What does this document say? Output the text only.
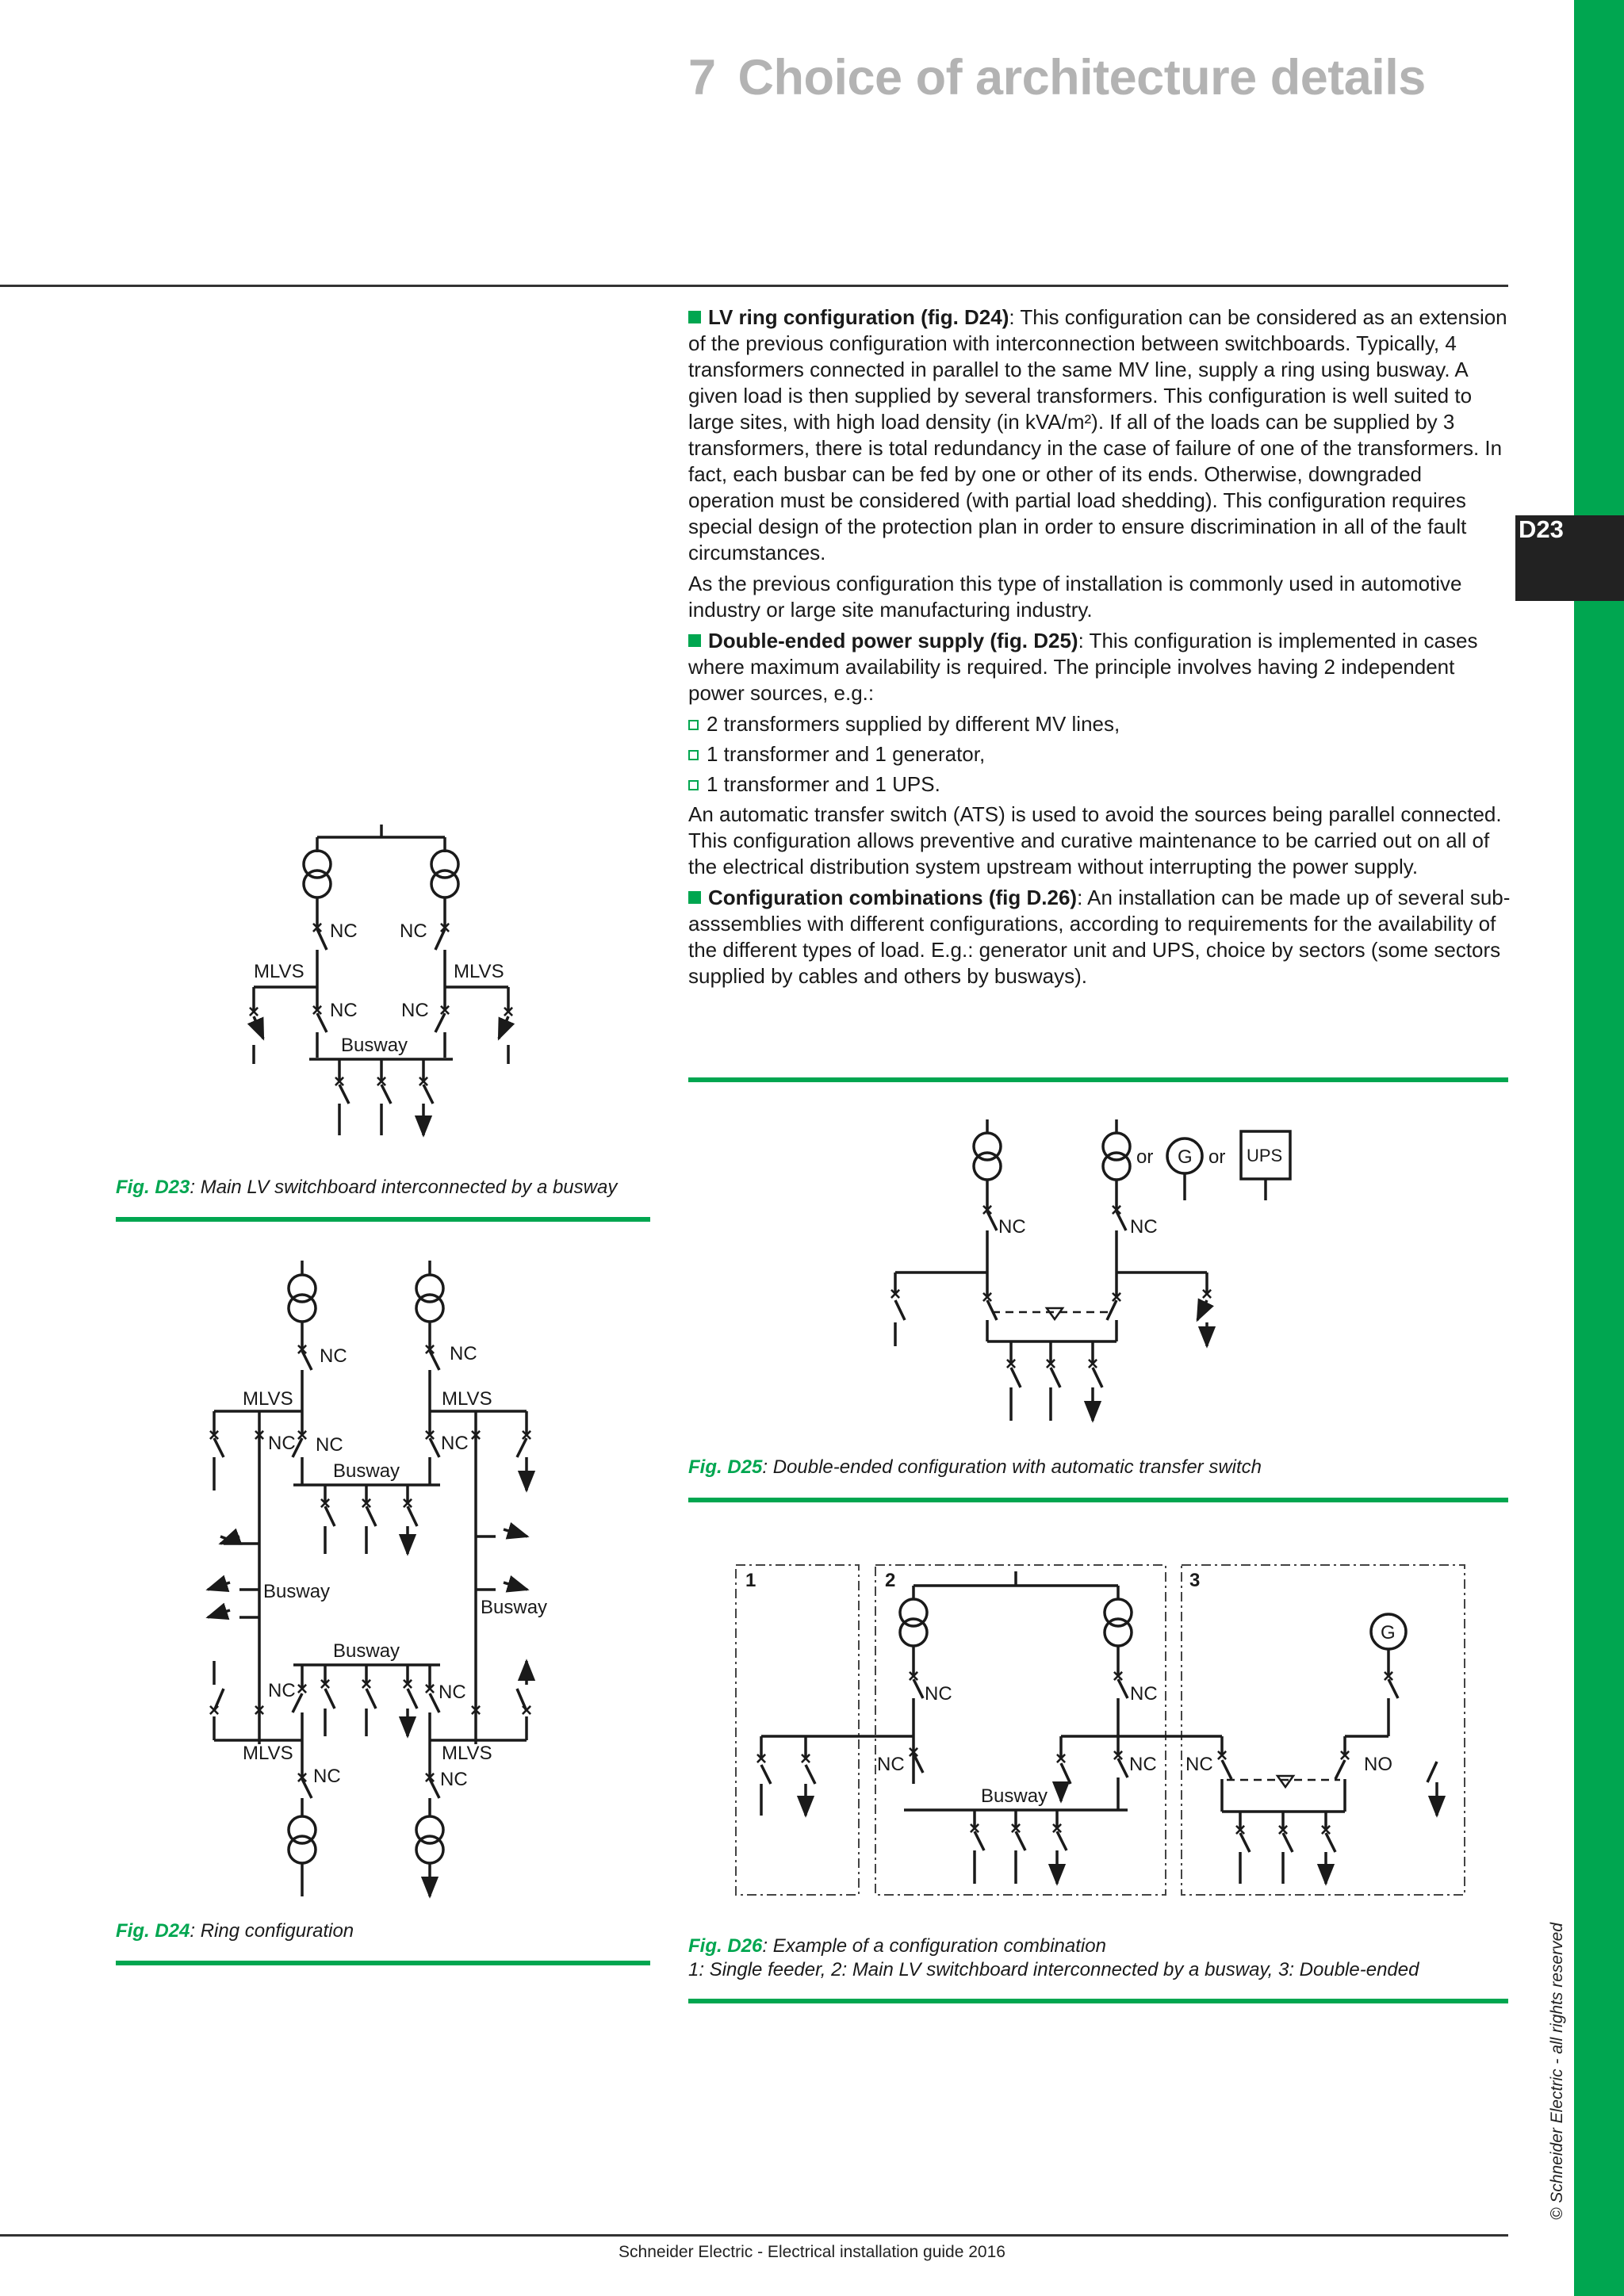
D23
© Schneider Electric - all rights reserved
7 Choice of architecture details

LV ring configuration (fig. D24): This configuration can be considered as an extension of the previous configuration with interconnection between switchboards. Typically, 4 transformers connected in parallel to the same MV line, supply a ring using busway. A given load is then supplied by several transformers. This configuration is well suited to large sites, with high load density (in kVA/m²). If all of the loads can be supplied by 3 transformers, there is total redundancy in the case of failure of one of the transformers. In fact, each busbar can be fed by one or other of its ends. Otherwise, downgraded operation must be considered (with partial load shedding). This configuration requires special design of the protection plan in order to ensure discrimination in all of the fault circumstances.

As the previous configuration this type of installation is commonly used in automotive industry or large site manufacturing industry.

Double-ended power supply (fig. D25): This configuration is implemented in cases where maximum availability is required. The principle involves having 2 independent power sources, e.g.:

2 transformers supplied by different MV lines,
1 transformer and 1 generator,
1 transformer and 1 UPS.

An automatic transfer switch (ATS) is used to avoid the sources being parallel connected. This configuration allows preventive and curative maintenance to be carried out on all of the electrical distribution system upstream without interrupting the power supply.

Configuration combinations (fig D.26): An installation can be made up of several sub-asssemblies with different configurations, according to requirements for the availability of the different types of load. E.g.: generator unit and UPS, choice by sectors (some sectors supplied by cables and others by busways).

×	×
×	×
×	×
× × ×
NC NC
MLVS	MLVS
NC NC
Busway
Fig. D23: Main LV switchboard interconnected by a busway
×	×
× × ×	× × ×
× × ×
× × ×
× ×
×	×
× ×
×	×
NC	NC
MLVS	MLVS
NC NC	NC
Busway
Busway
Busway
Busway
NC	NC
MLVS	MLVS
NC	NC
Fig. D24: Ring configuration
×	×
×	×
×	×
× × ×
or G or UPS
NC	NC
Fig. D25: Double-ended configuration with automatic transfer switch
×	×
× ×	×	× ×
×
×	×
× × ×	× × ×
1	2	3
G
NC	NC
NC	NC NC	NO
Busway
Fig. D26: Example of a configuration combination
1: Single feeder, 2: Main LV switchboard interconnected by a busway, 3: Double-ended
Schneider Electric - Electrical installation guide 2016
